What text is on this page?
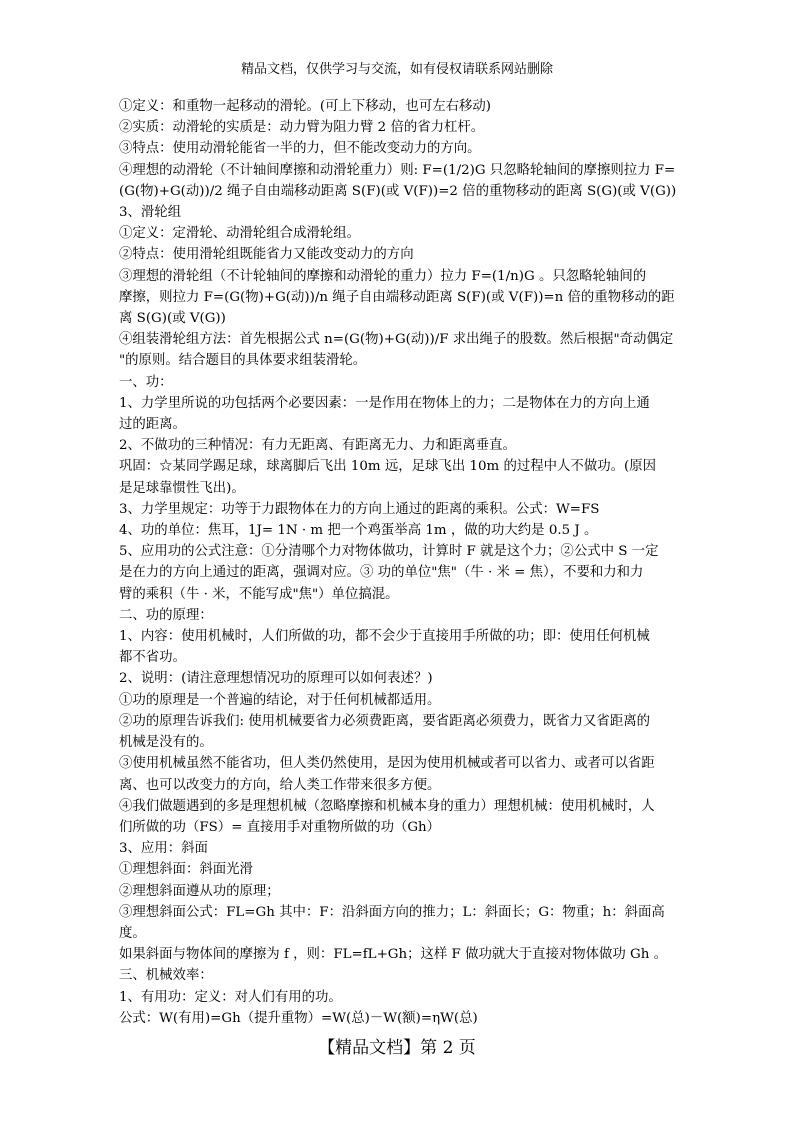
精品文档，仅供学习与交流，如有侵权请联系网站删除
①定义：和重物一起移动的滑轮。(可上下移动，也可左右移动)
②实质：动滑轮的实质是：动力臂为阻力臂 2 倍的省力杠杆。
③特点：使用动滑轮能省一半的力，但不能改变动力的方向。
④理想的动滑轮（不计轴间摩擦和动滑轮重力）则: F=(1/2)G 只忽略轮轴间的摩擦则拉力 F=
(G(物)+G(动))/2 绳子自由端移动距离 S(F)(或 V(F))=2 倍的重物移动的距离 S(G)(或 V(G))
3、滑轮组
①定义：定滑轮、动滑轮组合成滑轮组。
②特点：使用滑轮组既能省力又能改变动力的方向
③理想的滑轮组（不计轮轴间的摩擦和动滑轮的重力）拉力 F=(1/n)G 。只忽略轮轴间的
摩擦，则拉力 F=(G(物)+G(动))/n 绳子自由端移动距离 S(F)(或 V(F))=n 倍的重物移动的距
离 S(G)(或 V(G))
④组装滑轮组方法：首先根据公式 n=(G(物)+G(动))/F 求出绳子的股数。然后根据"奇动偶定
"的原则。结合题目的具体要求组装滑轮。
一、功：
1、力学里所说的功包括两个必要因素：一是作用在物体上的力；二是物体在力的方向上通
过的距离。
2、不做功的三种情况：有力无距离、有距离无力、力和距离垂直。
巩固：☆某同学踢足球，球离脚后飞出 10m 远，足球飞出 10m 的过程中人不做功。(原因
是足球靠惯性飞出)。
3、力学里规定：功等于力跟物体在力的方向上通过的距离的乘积。公式：W=FS
4、功的单位：焦耳，1J= 1N · m 把一个鸡蛋举高 1m ，做的功大约是 0.5 J 。
5、应用功的公式注意：①分清哪个力对物体做功，计算时 F 就是这个力；②公式中 S 一定
是在力的方向上通过的距离，强调对应。③ 功的单位"焦"（牛 · 米 = 焦），不要和力和力
臂的乘积（牛 · 米，不能写成"焦"）单位搞混。
二、功的原理：
1、内容：使用机械时，人们所做的功，都不会少于直接用手所做的功；即：使用任何机械
都不省功。
2、说明：(请注意理想情况功的原理可以如何表述？)
①功的原理是一个普遍的结论，对于任何机械都适用。
②功的原理告诉我们: 使用机械要省力必须费距离，要省距离必须费力，既省力又省距离的
机械是没有的。
③使用机械虽然不能省功，但人类仍然使用，是因为使用机械或者可以省力、或者可以省距
离、也可以改变力的方向，给人类工作带来很多方便。
④我们做题遇到的多是理想机械（忽略摩擦和机械本身的重力）理想机械：使用机械时，人
们所做的功（FS）= 直接用手对重物所做的功（Gh）
3、应用：斜面
①理想斜面：斜面光滑
②理想斜面遵从功的原理；
③理想斜面公式：FL=Gh 其中：F：沿斜面方向的推力；L：斜面长；G：物重；h：斜面高
度。
如果斜面与物体间的摩擦为 f ，则：FL=fL+Gh；这样 F 做功就大于直接对物体做功 Gh 。
三、机械效率：
1、有用功：定义：对人们有用的功。
公式：W(有用)=Gh（提升重物）=W(总)－W(额)=ηW(总)
【精品文档】第 2 页
